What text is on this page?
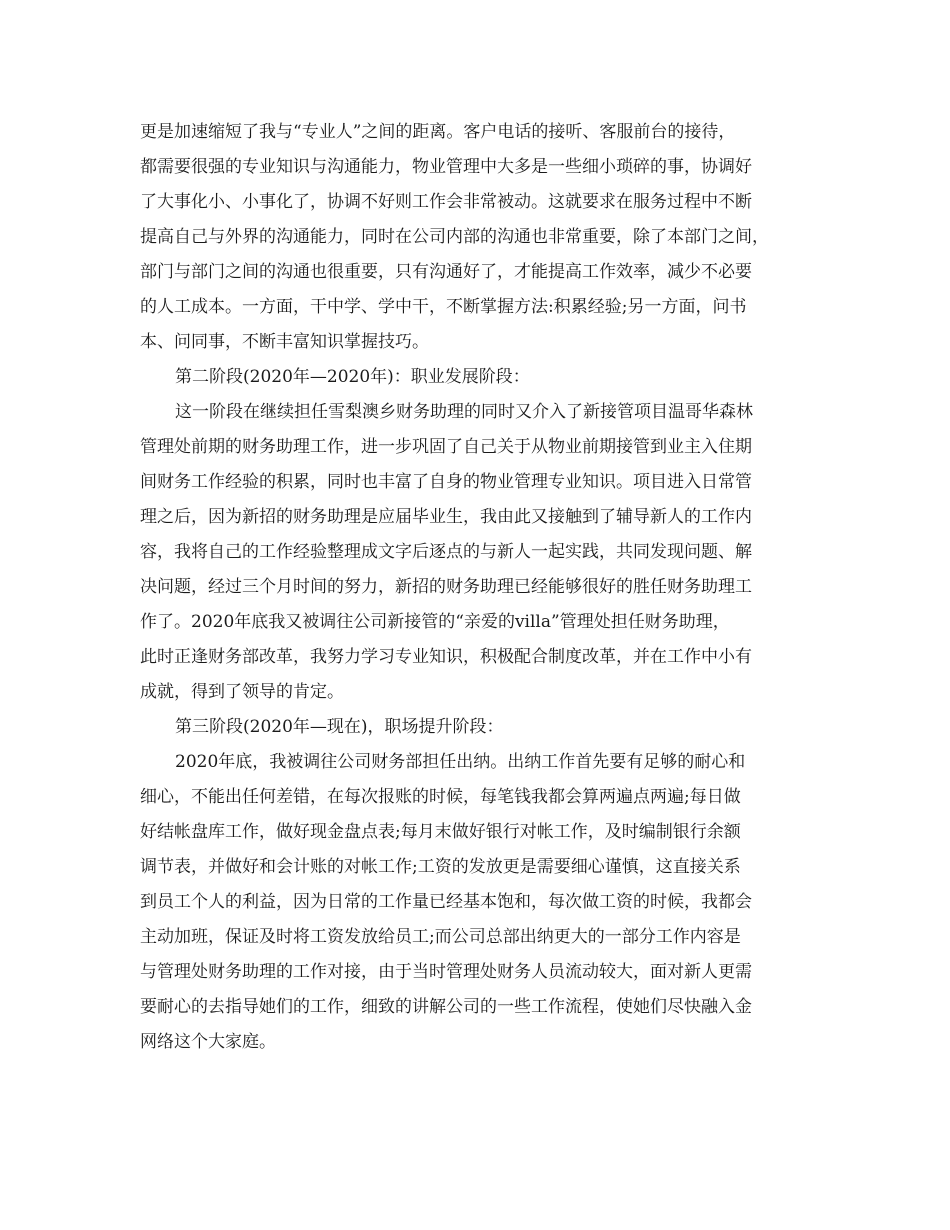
更是加速缩短了我与“专业人”之间的距离。客户电话的接听、客服前台的接待，
都需要很强的专业知识与沟通能力，物业管理中大多是一些细小琐碎的事，协调好
了大事化小、小事化了，协调不好则工作会非常被动。这就要求在服务过程中不断
提高自己与外界的沟通能力，同时在公司内部的沟通也非常重要，除了本部门之间，
部门与部门之间的沟通也很重要，只有沟通好了，才能提高工作效率，减少不必要
的人工成本。一方面，干中学、学中干，不断掌握方法:积累经验;另一方面，问书
本、问同事，不断丰富知识掌握技巧。
第二阶段(2020年—2020年)：职业发展阶段：
这一阶段在继续担任雪梨澳乡财务助理的同时又介入了新接管项目温哥华森林
管理处前期的财务助理工作，进一步巩固了自己关于从物业前期接管到业主入住期
间财务工作经验的积累，同时也丰富了自身的物业管理专业知识。项目进入日常管
理之后，因为新招的财务助理是应届毕业生，我由此又接触到了辅导新人的工作内
容，我将自己的工作经验整理成文字后逐点的与新人一起实践，共同发现问题、解
决问题，经过三个月时间的努力，新招的财务助理已经能够很好的胜任财务助理工
作了。2020年底我又被调往公司新接管的“亲爱的villa”管理处担任财务助理，
此时正逢财务部改革，我努力学习专业知识，积极配合制度改革，并在工作中小有
成就，得到了领导的肯定。
第三阶段(2020年—现在)，职场提升阶段：
2020年底，我被调往公司财务部担任出纳。出纳工作首先要有足够的耐心和
细心，不能出任何差错，在每次报账的时候，每笔钱我都会算两遍点两遍;每日做
好结帐盘库工作，做好现金盘点表;每月末做好银行对帐工作，及时编制银行余额
调节表，并做好和会计账的对帐工作;工资的发放更是需要细心谨慎，这直接关系
到员工个人的利益，因为日常的工作量已经基本饱和，每次做工资的时候，我都会
主动加班，保证及时将工资发放给员工;而公司总部出纳更大的一部分工作内容是
与管理处财务助理的工作对接，由于当时管理处财务人员流动较大，面对新人更需
要耐心的去指导她们的工作，细致的讲解公司的一些工作流程，使她们尽快融入金
网络这个大家庭。
